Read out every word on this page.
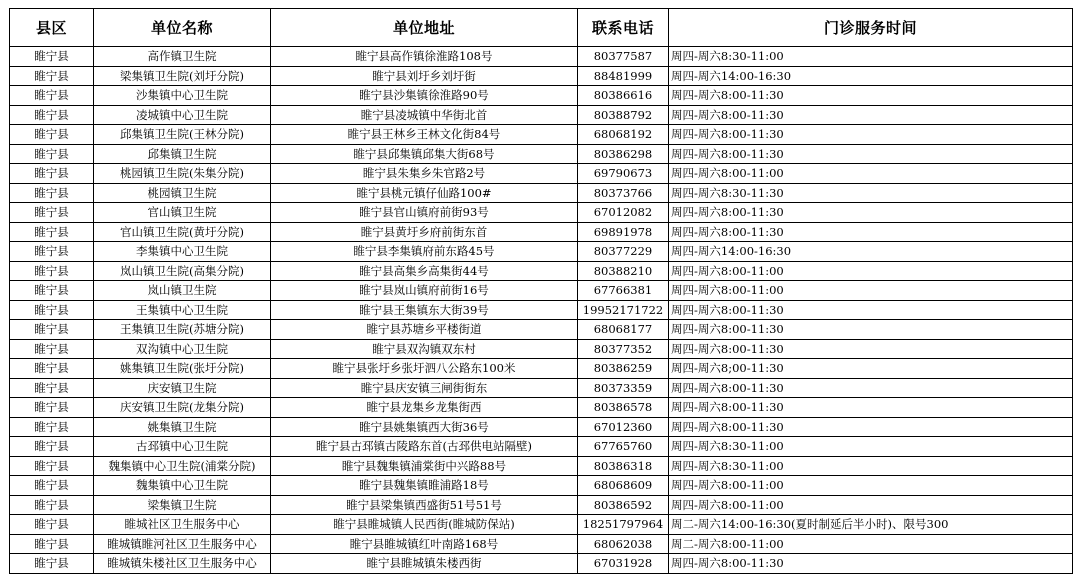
县区	单位名称	单位地址	联系电话	门诊服务时间
睢宁县	高作镇卫生院	睢宁县高作镇徐淮路108号	80377587	周四-周六8:30-11:00
睢宁县	梁集镇卫生院(刘圩分院)	睢宁县刘圩乡刘圩街	88481999	周四-周六14:00-16:30
睢宁县	沙集镇中心卫生院	睢宁县沙集镇徐淮路90号	80386616	周四-周六8:00-11:30
睢宁县	凌城镇中心卫生院	睢宁县凌城镇中华街北首	80388792	周四-周六8:00-11:30
睢宁县	邱集镇卫生院(王林分院)	睢宁县王林乡王林文化街84号	68068192	周四-周六8:00-11:30
睢宁县	邱集镇卫生院	睢宁县邱集镇邱集大街68号	80386298	周四-周六8:00-11:30
睢宁县	桃园镇卫生院(朱集分院)	睢宁县朱集乡朱官路2号	69790673	周四-周六8:00-11:00
睢宁县	桃园镇卫生院	睢宁县桃元镇仔仙路100#	80373766	周四-周六8:30-11:30
睢宁县	官山镇卫生院	睢宁县官山镇府前街93号	67012082	周四-周六8:00-11:30
睢宁县	官山镇卫生院(黄圩分院)	睢宁县黄圩乡府前街东首	69891978	周四-周六8:00-11:30
睢宁县	李集镇中心卫生院	睢宁县李集镇府前东路45号	80377229	周四-周六14:00-16:30
睢宁县	岚山镇卫生院(高集分院)	睢宁县高集乡高集街44号	80388210	周四-周六8:00-11:00
睢宁县	岚山镇卫生院	睢宁县岚山镇府前街16号	67766381	周四-周六8:00-11:00
睢宁县	王集镇中心卫生院	睢宁县王集镇东大街39号	19952171722	周四-周六8:00-11:30
睢宁县	王集镇卫生院(苏塘分院)	睢宁县苏塘乡平楼街道	68068177	周四-周六8:00-11:30
睢宁县	双沟镇中心卫生院	睢宁县双沟镇双东村	80377352	周四-周六8:00-11:30
睢宁县	姚集镇卫生院(张圩分院)	睢宁县张圩乡张圩泗八公路东100米	80386259	周四-周六8;00-11:30
睢宁县	庆安镇卫生院	睢宁县庆安镇三闸街街东	80373359	周四-周六8:00-11:30
睢宁县	庆安镇卫生院(龙集分院)	睢宁县龙集乡龙集街西	80386578	周四-周六8:00-11:30
睢宁县	姚集镇卫生院	睢宁县姚集镇西大街36号	67012360	周四-周六8:00-11:30
睢宁县	古邳镇中心卫生院	睢宁县古邳镇古陵路东首(古邳供电站隔壁)	67765760	周四-周六8:30-11:00
睢宁县	魏集镇中心卫生院(浦棠分院)	睢宁县魏集镇浦棠街中兴路88号	80386318	周四-周六8:30-11:00
睢宁县	魏集镇中心卫生院	睢宁县魏集镇睢浦路18号	68068609	周四-周六8:00-11:00
睢宁县	梁集镇卫生院	睢宁县梁集镇西盛街51号51号	80386592	周四-周六8:00-11:00
睢宁县	睢城社区卫生服务中心	睢宁县睢城镇人民西街(睢城防保站)	18251797964	周二-周六14:00-16:30(夏时制延后半小时)、限号300
睢宁县	睢城镇睢河社区卫生服务中心	睢宁县睢城镇红叶南路168号	68062038	周二-周六8:00-11:00
睢宁县	睢城镇朱楼社区卫生服务中心	睢宁县睢城镇朱楼西街	67031928	周四-周六8:00-11:30
